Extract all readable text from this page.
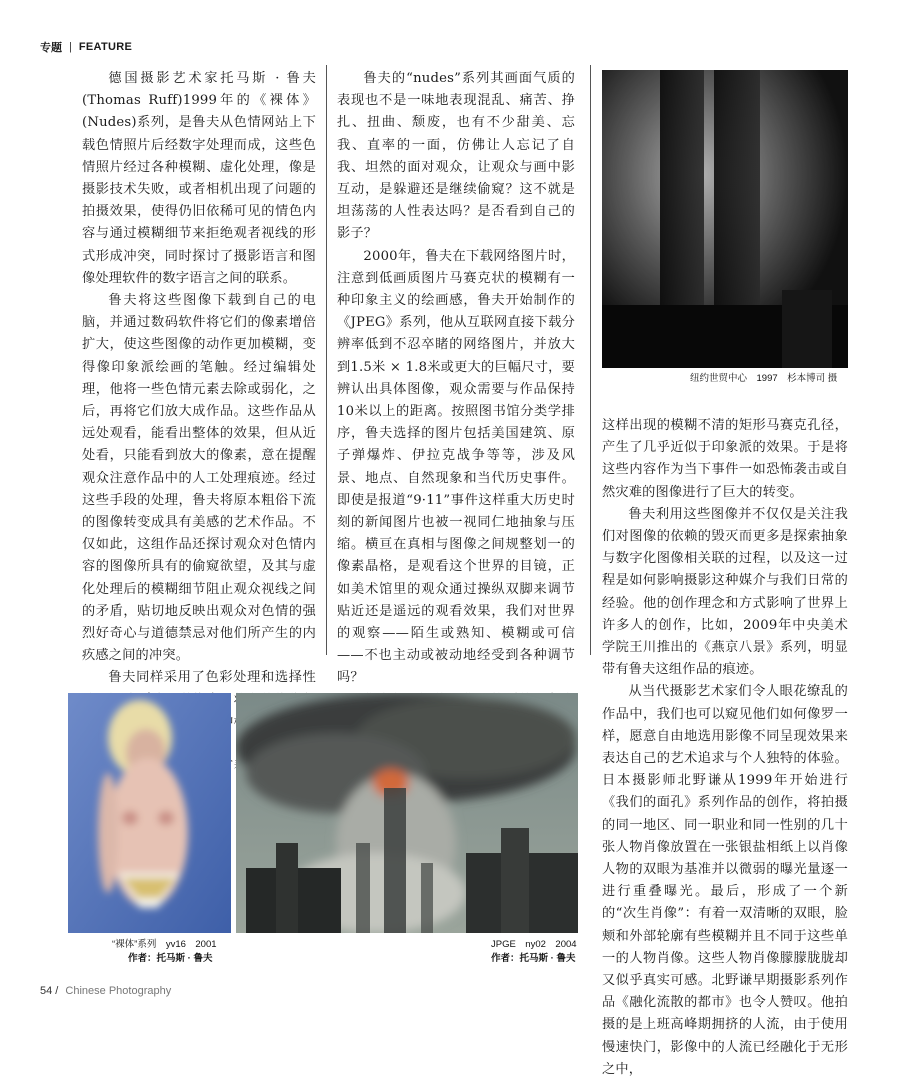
专题 | FEATURE

德国摄影艺术家托马斯 · 鲁夫(Thomas Ruff)1999年的《裸体》(Nudes)系列，是鲁夫从色情网站上下载色情照片后经数字处理而成，这些色情照片经过各种模糊、虚化处理，像是摄影技术失败，或者相机出现了问题的拍摄效果，使得仍旧依稀可见的情色内容与通过模糊细节来拒绝观者视线的形式形成冲突，同时探讨了摄影语言和图像处理软件的数字语言之间的联系。

鲁夫将这些图像下载到自己的电脑，并通过数码软件将它们的像素增倍扩大，使这些图像的动作更加模糊，变得像印象派绘画的笔触。经过编辑处理，他将一些色情元素去除或弱化，之后，再将它们放大成作品。这些作品从远处观看，能看出整体的效果，但从近处看，只能看到放大的像素，意在提醒观众注意作品中的人工处理痕迹。经过这些手段的处理，鲁夫将原本粗俗下流的图像转变成具有美感的艺术作品。不仅如此，这组作品还探讨观众对色情内容的图像所具有的偷窥欲望，及其与虚化处理后的模糊细节阻止观众视线之间的矛盾，贴切地反映出观众对色情的强烈好奇心与道德禁忌对他们所产生的内疚感之间的冲突。

鲁夫同样采用了色彩处理和选择性 ，将 有着

鲁夫的“nudes”系列其画面气质的表现也不是一味地表现混乱、痛苦、挣扎、扭曲、颓废，也有不少甜美、忘我、直率的一面，仿佛让人忘记了自我、坦然的面对观众，让观众与画中影互动，是躲避还是继续偷窥？这不就是坦荡荡的人性表达吗？是否看到自己的影子？

2000年，鲁夫在下载网络图片时，注意到低画质图片马赛克状的模糊有一种印象主义的绘画感，鲁夫开始制作的《JPEG》系列，他从互联网直接下载分辨率低到不忍卒睹的网络图片，并放大到1.5米 × 1.8米或更大的巨幅尺寸，要辨认出具体图像，观众需要与作品保持10米以上的距离。按照图书馆分类学排序，鲁夫选择的图片包括美国建筑、原子弹爆炸、伊拉克战争等等，涉及风景、地点、自然现象和当代历史事件。即使是报道“9·11”事件这样重大历史时刻的新闻图片也被一视同仁地抽象与压缩。横亘在真相与图像之间规整划一的像素晶格，是观看这个世界的目镜，正如美术馆里的观众通过操纵双脚来调节贴近还是遥远的观看效果，我们对世界的观察——陌生或熟知、模糊或可信——不也主动或被动地经受到各种调节吗？

纽约世贸中心　1997　杉本博司 摄

这样出现的模糊不清的矩形马赛克孔径，产生了几乎近似于印象派的效果。于是将这些内容作为当下事件一如恐怖袭击或自然灾难的图像进行了巨大的转变。

鲁夫利用这些图像并不仅仅是关注我们对图像的依赖的毁灭而更多是探索抽象与数字化图像相关联的过程，以及这一过程是如何影响摄影这种媒介与我们日常的经验。他的创作理念和方式影响了世界上许多人的创作，比如，2009年中央美术学院王川推出的《燕京八景》系列，明显带有鲁夫这组作品的痕迹。

从当代摄影艺术家们令人眼花缭乱的作品中，我们也可以窥见他们如何像罗一样，愿意自由地选用影像不同呈现效果来表达自己的艺术追求与个人独特的体验。日本摄影师北野谦从1999年开始进行《我们的面孔》系列作品的创作，将拍摄的同一地区、同一职业和同一性别的几十张人物肖像放置在一张银盐相纸上以肖像人物的双眼为基准并以微弱的曝光量逐一进行重叠曝光。最后，形成了一个新的“次生肖像”：有着一双清晰的双眼，脸颊和外部轮廓有些模糊并且不同于这些单一的人物肖像。这些人物肖像朦朦胧胧却又似乎真实可感。北野谦早期摄影系列作品《融化流散的都市》也令人赞叹。他拍摄的是上班高峰期拥挤的人流，由于使用慢速快门，影像中的人流已经融化于无形之中，

“裸体”系列　yv16　2001
作者：托马斯 · 鲁夫
JPGE　ny02　2004
作者：托马斯 · 鲁夫
54 / Chinese Photography
